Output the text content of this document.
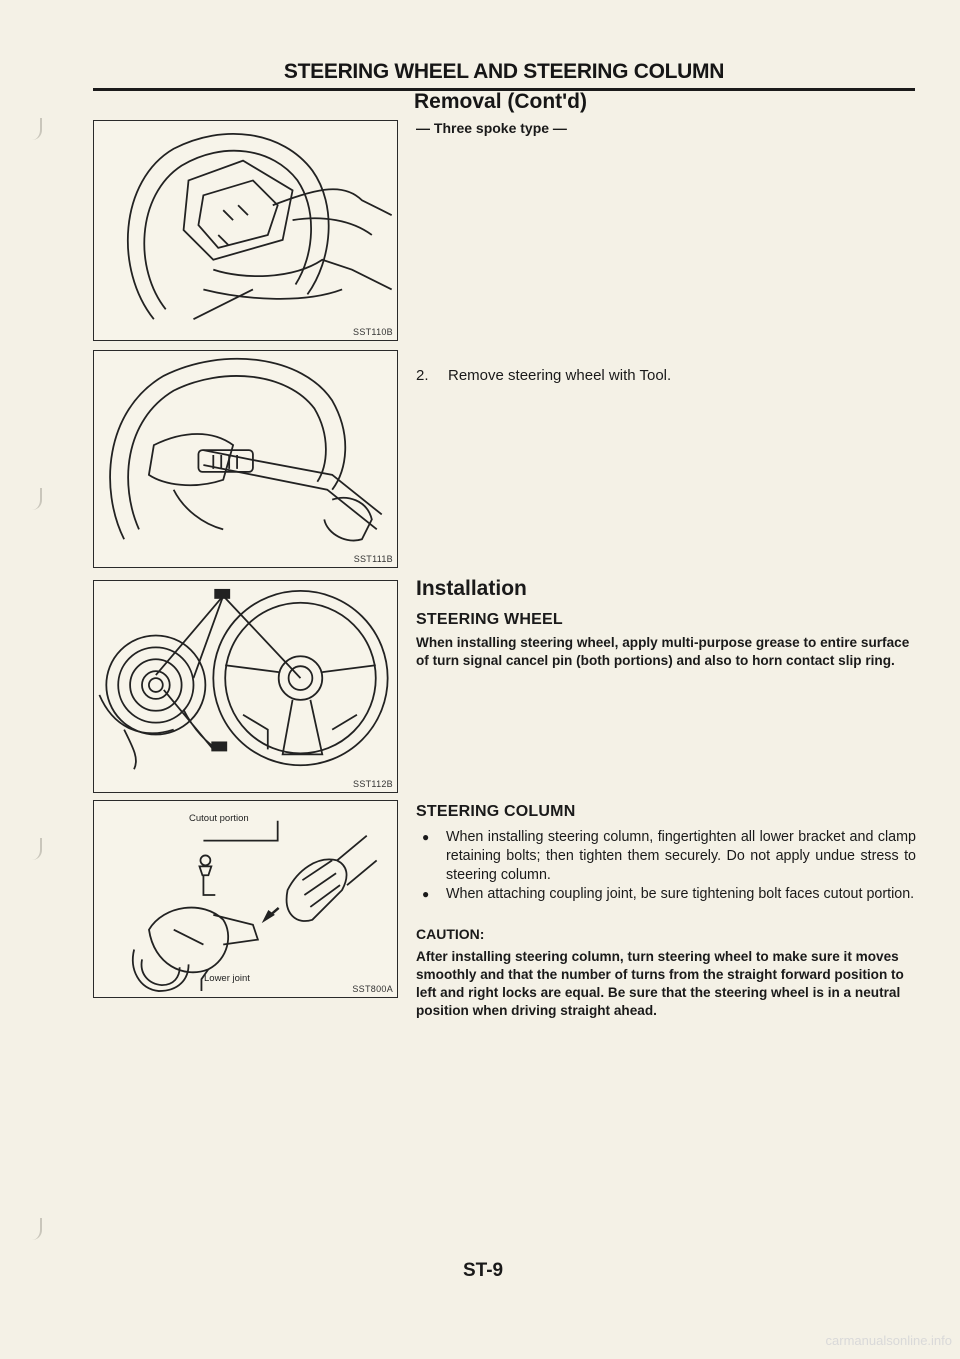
STEERING WHEEL AND STEERING COLUMN
Removal (Cont'd)
— Three spoke type —
SST110B
SST111B
SST112B
Cutout portion
Lower joint
SST800A
2. Remove steering wheel with Tool.
Installation
STEERING WHEEL
When installing steering wheel, apply multi-purpose grease to entire surface of turn signal cancel pin (both portions) and also to horn contact slip ring.
STEERING COLUMN
●	When installing steering column, fingertighten all lower bracket and clamp retaining bolts; then tighten them securely. Do not apply undue stress to steering column.
●	When attaching coupling joint, be sure tightening bolt faces cutout portion.
CAUTION:
After installing steering column, turn steering wheel to make sure it moves smoothly and that the number of turns from the straight forward position to left and right locks are equal. Be sure that the steering wheel is in a neutral position when driving straight ahead.
ST-9
carmanualsonline.info
